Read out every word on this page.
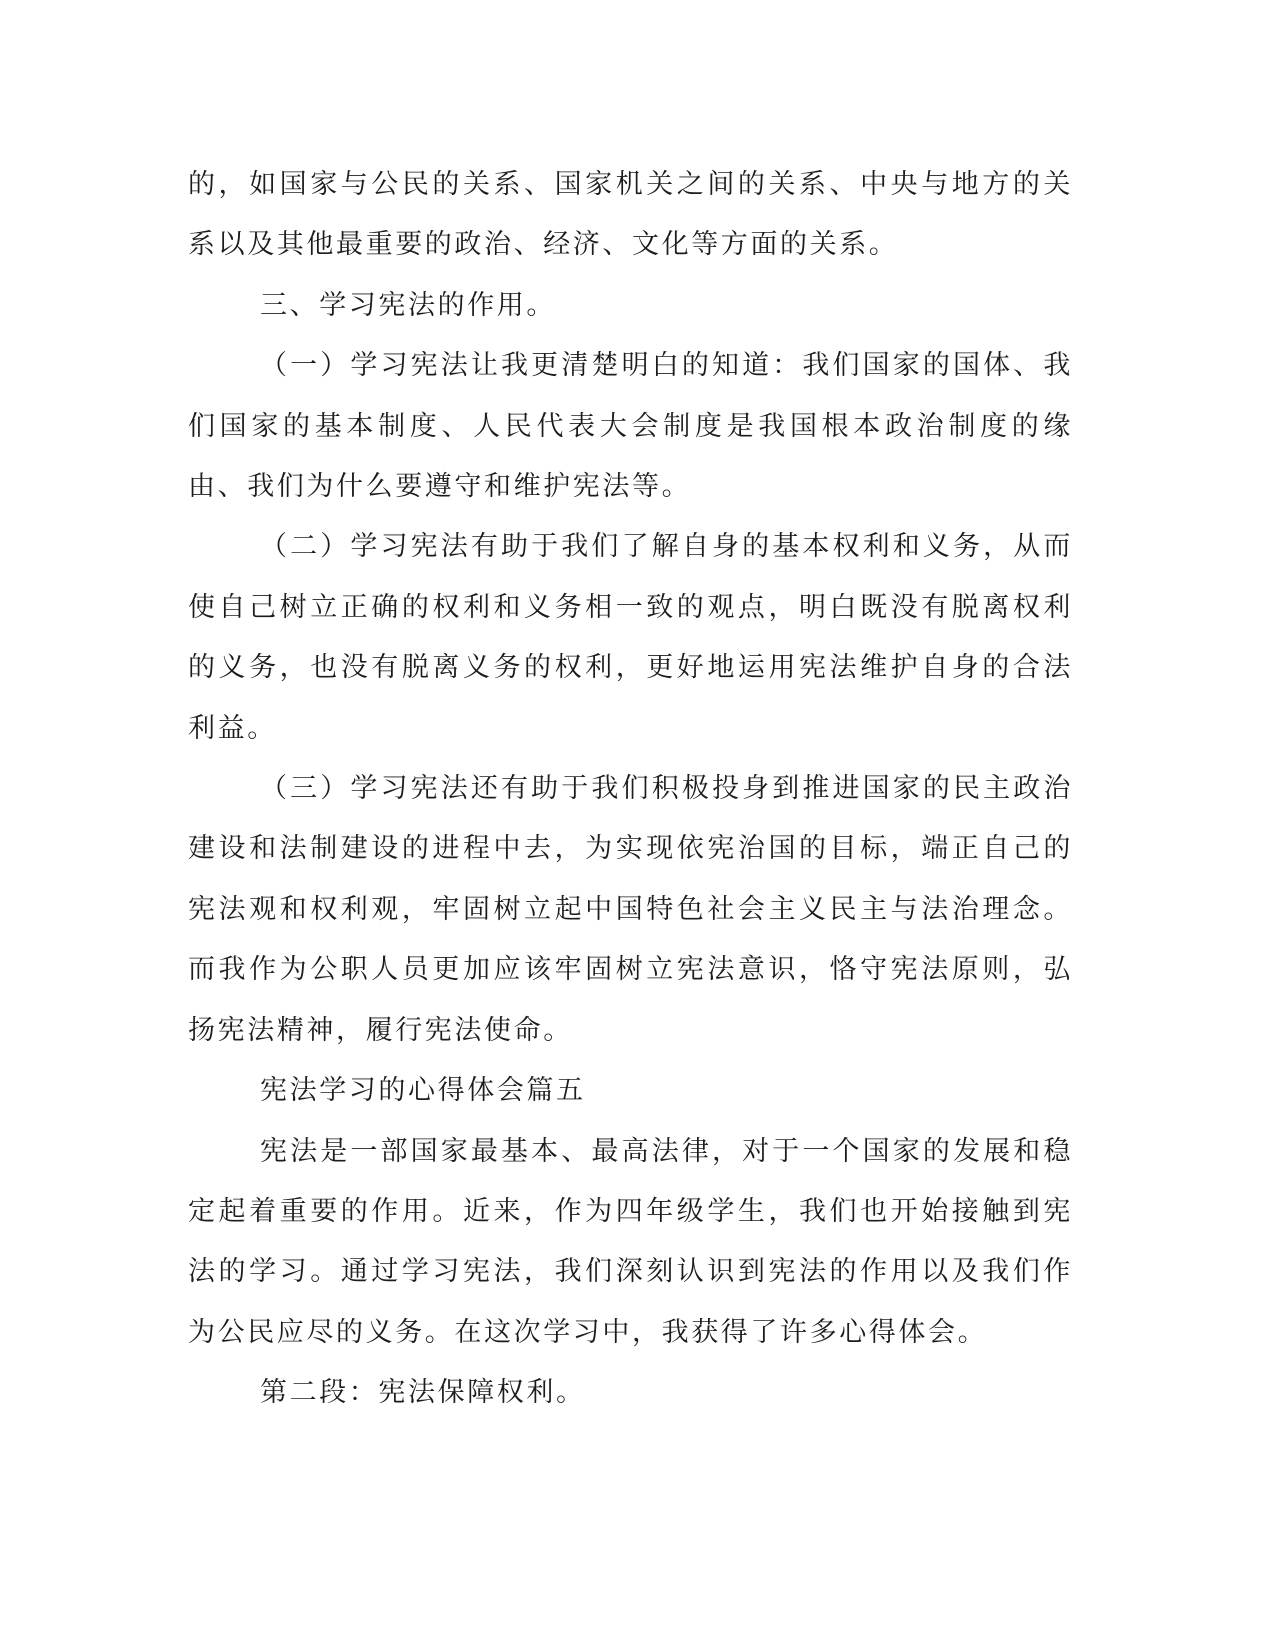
的，如国家与公民的关系、国家机关之间的关系、中央与地方的关系以及其他最重要的政治、经济、文化等方面的关系。

三、学习宪法的作用。

（一）学习宪法让我更清楚明白的知道：我们国家的国体、我们国家的基本制度、人民代表大会制度是我国根本政治制度的缘由、我们为什么要遵守和维护宪法等。

（二）学习宪法有助于我们了解自身的基本权利和义务，从而使自己树立正确的权利和义务相一致的观点，明白既没有脱离权利的义务，也没有脱离义务的权利，更好地运用宪法维护自身的合法利益。

（三）学习宪法还有助于我们积极投身到推进国家的民主政治建设和法制建设的进程中去，为实现依宪治国的目标，端正自己的宪法观和权利观，牢固树立起中国特色社会主义民主与法治理念。而我作为公职人员更加应该牢固树立宪法意识，恪守宪法原则，弘扬宪法精神，履行宪法使命。

宪法学习的心得体会篇五

宪法是一部国家最基本、最高法律，对于一个国家的发展和稳定起着重要的作用。近来，作为四年级学生，我们也开始接触到宪法的学习。通过学习宪法，我们深刻认识到宪法的作用以及我们作为公民应尽的义务。在这次学习中，我获得了许多心得体会。

第二段：宪法保障权利。
